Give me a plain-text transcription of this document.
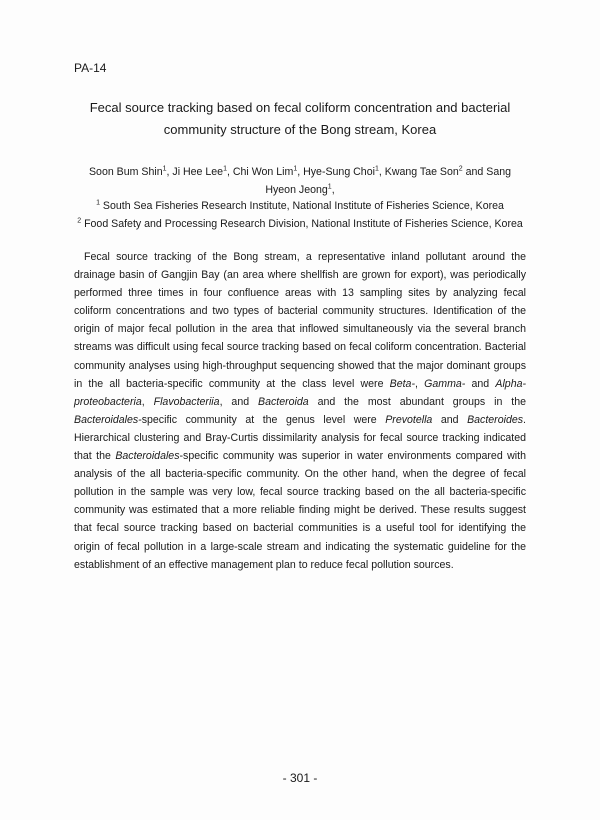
PA-14
Fecal source tracking based on fecal coliform concentration and bacterial
community structure of the Bong stream, Korea
Soon Bum Shin$^1$, Ji Hee Lee$^1$, Chi Won Lim$^1$, Hye-Sung Choi$^1$, Kwang Tae Son$^2$ and Sang Hyeon Jeong$^1$,
$^1$ South Sea Fisheries Research Institute, National Institute of Fisheries Science, Korea
$^2$ Food Safety and Processing Research Division, National Institute of Fisheries Science, Korea

Fecal source tracking of the Bong stream, a representative inland pollutant around the drainage basin of Gangjin Bay (an area where shellfish are grown for export), was periodically performed three times in four confluence areas with 13 sampling sites by analyzing fecal coliform concentrations and two types of bacterial community structures. Identification of the origin of major fecal pollution in the area that inflowed simultaneously via the several branch streams was difficult using fecal source tracking based on fecal coliform concentration. Bacterial community analyses using high-throughput sequencing showed that the major dominant groups in the all bacteria-specific community at the class level were Beta-, Gamma- and Alpha-proteobacteria, Flavobacteriia, and Bacteroida and the most abundant groups in the Bacteroidales-specific community at the genus level were Prevotella and Bacteroides. Hierarchical clustering and Bray-Curtis dissimilarity analysis for fecal source tracking indicated that the Bacteroidales-specific community was superior in water environments compared with analysis of the all bacteria-specific community. On the other hand, when the degree of fecal pollution in the sample was very low, fecal source tracking based on the all bacteria-specific community was estimated that a more reliable finding might be derived. These results suggest that fecal source tracking based on bacterial communities is a useful tool for identifying the origin of fecal pollution in a large-scale stream and indicating the systematic guideline for the establishment of an effective management plan to reduce fecal pollution sources.

- 301 -
